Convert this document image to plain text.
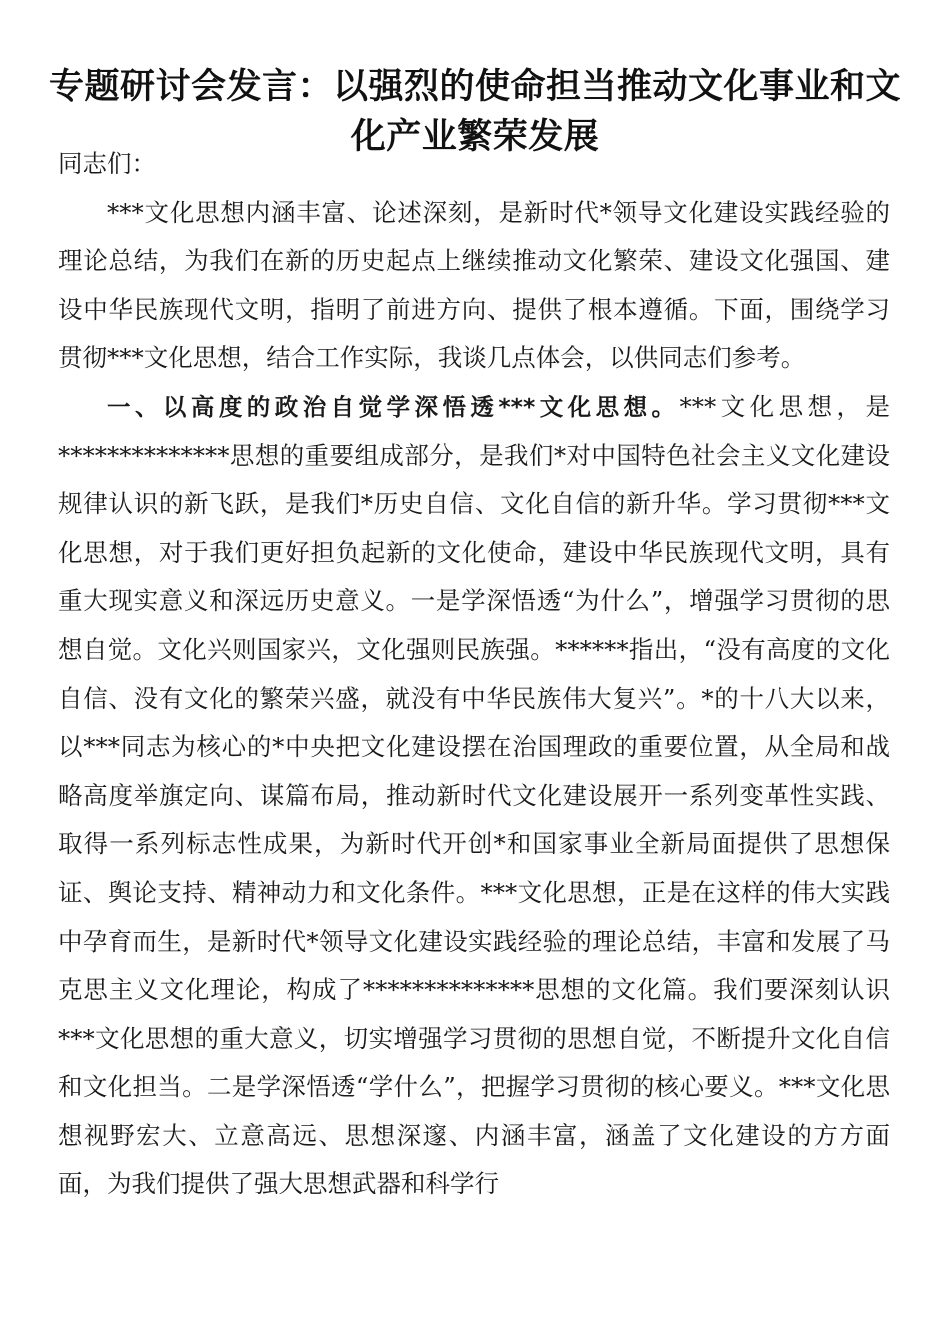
专题研讨会发言：以强烈的使命担当推动文化事业和文化产业繁荣发展

同志们：

***文化思想内涵丰富、论述深刻，是新时代*领导文化建设实践经验的理论总结，为我们在新的历史起点上继续推动文化繁荣、建设文化强国、建设中华民族现代文明，指明了前进方向、提供了根本遵循。下面，围绕学习贯彻***文化思想，结合工作实际，我谈几点体会，以供同志们参考。

一、以高度的政治自觉学深悟透***文化思想。***文化思想，是**************思想的重要组成部分，是我们*对中国特色社会主义文化建设规律认识的新飞跃，是我们*历史自信、文化自信的新升华。学习贯彻***文化思想，对于我们更好担负起新的文化使命，建设中华民族现代文明，具有重大现实意义和深远历史意义。一是学深悟透“为什么”，增强学习贯彻的思想自觉。文化兴则国家兴，文化强则民族强。******指出，“没有高度的文化自信、没有文化的繁荣兴盛，就没有中华民族伟大复兴”。*的十八大以来，以***同志为核心的*中央把文化建设摆在治国理政的重要位置，从全局和战略高度举旗定向、谋篇布局，推动新时代文化建设展开一系列变革性实践、取得一系列标志性成果，为新时代开创*和国家事业全新局面提供了思想保证、舆论支持、精神动力和文化条件。***文化思想，正是在这样的伟大实践中孕育而生，是新时代*领导文化建设实践经验的理论总结，丰富和发展了马克思主义文化理论，构成了**************思想的文化篇。我们要深刻认识***文化思想的重大意义，切实增强学习贯彻的思想自觉，不断提升文化自信和文化担当。二是学深悟透“学什么”，把握学习贯彻的核心要义。***文化思想视野宏大、立意高远、思想深邃、内涵丰富，涵盖了文化建设的方方面面，为我们提供了强大思想武器和科学行
